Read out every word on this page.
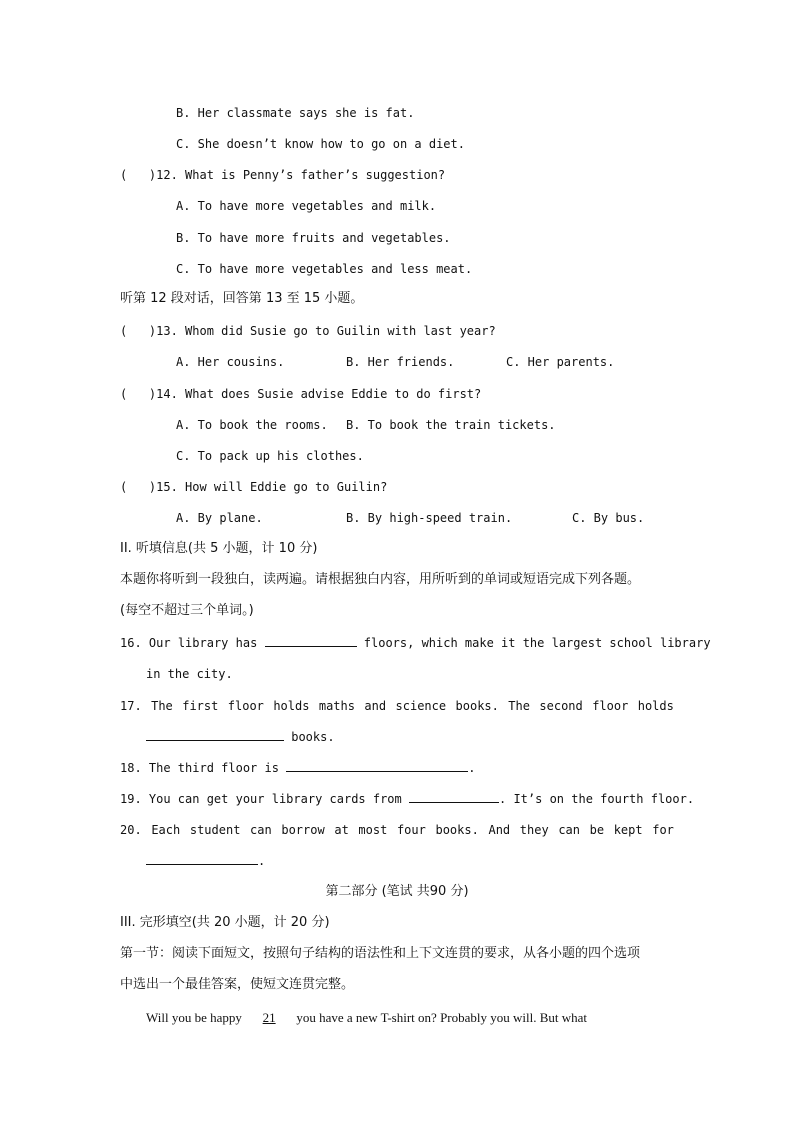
B. Her classmate says she is fat.
C. She doesn’t know how to go on a diet.
(   )12. What is Penny’s father’s suggestion?
A. To have more vegetables and milk.
B. To have more fruits and vegetables.
C. To have more vegetables and less meat.
听第 12 段对话，回答第 13 至 15 小题。
(   )13. Whom did Susie go to Guilin with last year?
A. Her cousins.	B. Her friends.	C. Her parents.
(   )14. What does Susie advise Eddie to do first?
A. To book the rooms. B. To book the train tickets.
C. To pack up his clothes.
(   )15. How will Eddie go to Guilin?
A. By plane.	B. By high-speed train.	C. By bus.
II. 听填信息(共 5 小题，计 10 分)
本题你将听到一段独白，读两遍。请根据独白内容，用所听到的单词或短语完成下列各题。
(每空不超过三个单词。)
16. Our library has	floors, which make it the largest school library
in the city.
17. The first floor holds maths and science books. The second floor holds
books.
18. The third floor is	.
19. You can get your library cards from	. It’s on the fourth floor.
20. Each student can borrow at most four books. And they can be kept for
.
第二部分 (笔试 共90 分)
III. 完形填空(共 20 小题，计 20 分)
第一节：阅读下面短文，按照句子结构的语法性和上下文连贯的要求，从各小题的四个选项
中选出一个最佳答案，使短文连贯完整。
Will you be happy 21 you have a new T-shirt on? Probably you will. But what
